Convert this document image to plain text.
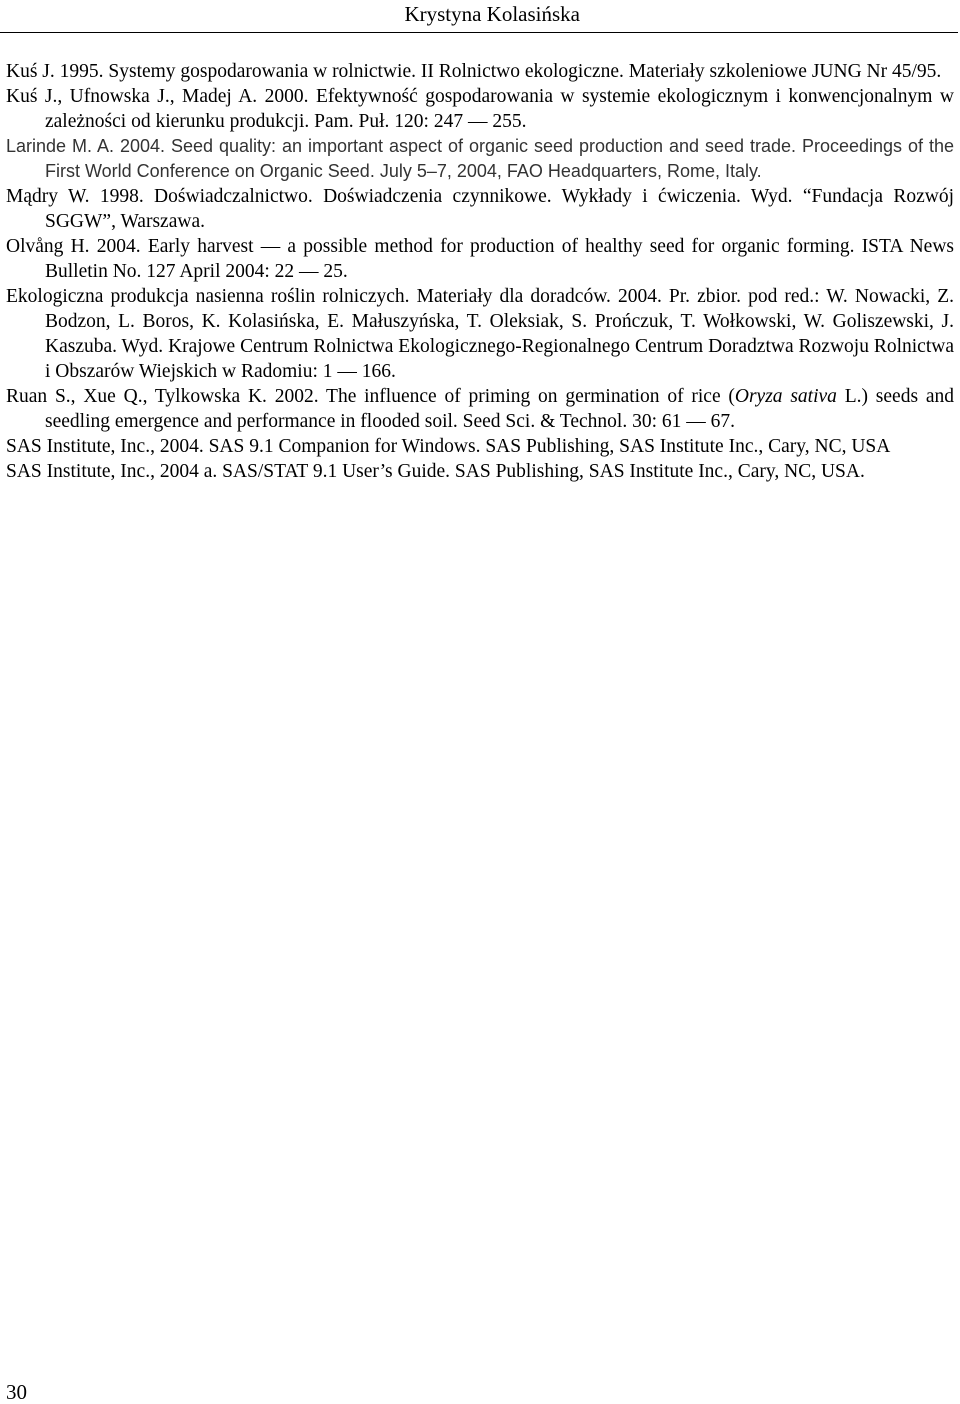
Krystyna Kolasińska
Kuś J. 1995. Systemy gospodarowania w rolnictwie. II Rolnictwo ekologiczne. Materiały szkoleniowe JUNG Nr 45/95.
Kuś J., Ufnowska J., Madej A. 2000. Efektywność gospodarowania w systemie ekologicznym i konwencjonalnym w zależności od kierunku produkcji. Pam. Puł. 120: 247 — 255.
Larinde M. A. 2004. Seed quality: an important aspect of organic seed production and seed trade. Proceedings of the First World Conference on Organic Seed. July 5–7, 2004, FAO Headquarters, Rome, Italy.
Mądry W. 1998. Doświadczalnictwo. Doświadczenia czynnikowe. Wykłady i ćwiczenia. Wyd. “Fundacja Rozwój SGGW”, Warszawa.
Olvång H. 2004. Early harvest — a possible method for production of healthy seed for organic forming. ISTA News Bulletin No. 127 April 2004: 22 — 25.
Ekologiczna produkcja nasienna roślin rolniczych. Materiały dla doradców. 2004. Pr. zbior. pod red.: W. Nowacki, Z. Bodzon, L. Boros, K. Kolasińska, E. Małuszyńska, T. Oleksiak, S. Prończuk, T. Wołkowski, W. Goliszewski, J. Kaszuba. Wyd. Krajowe Centrum Rolnictwa Ekologicznego-Regionalnego Centrum Doradztwa Rozwoju Rolnictwa i Obszarów Wiejskich w Radomiu: 1 — 166.
Ruan S., Xue Q., Tylkowska K. 2002. The influence of priming on germination of rice (Oryza sativa L.) seeds and seedling emergence and performance in flooded soil. Seed Sci. & Technol. 30: 61 — 67.
SAS Institute, Inc., 2004. SAS 9.1 Companion for Windows. SAS Publishing, SAS Institute Inc., Cary, NC, USA
SAS Institute, Inc., 2004 a. SAS/STAT 9.1 User’s Guide. SAS Publishing, SAS Institute Inc., Cary, NC, USA.
30
